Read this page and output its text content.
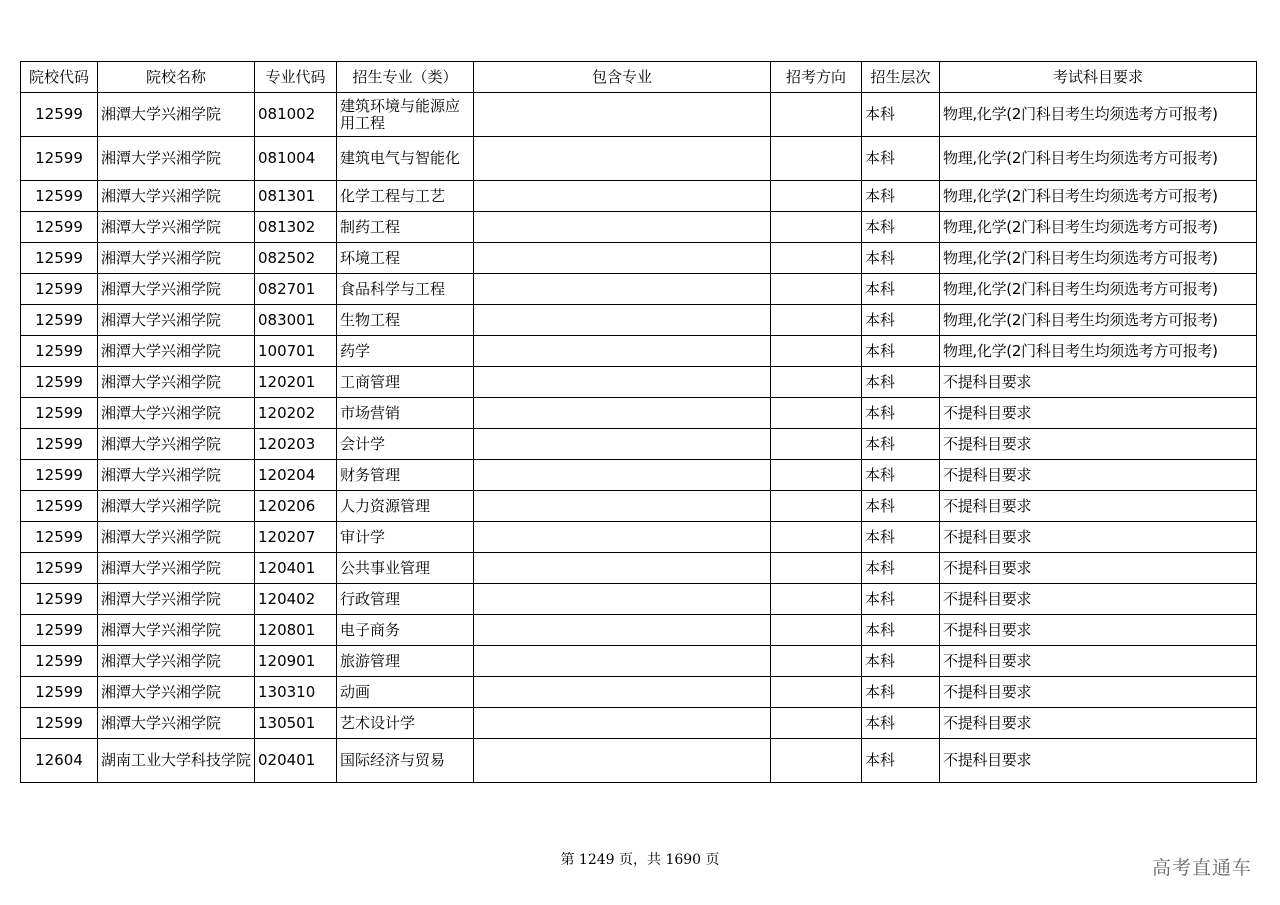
院校代码	院校名称	专业代码	招生专业（类）	包含专业	招考方向	招生层次	考试科目要求
12599	湘潭大学兴湘学院	081002	建筑环境与能源应用工程			本科	物理,化学(2门科目考生均须选考方可报考)
12599	湘潭大学兴湘学院	081004	建筑电气与智能化			本科	物理,化学(2门科目考生均须选考方可报考)
12599	湘潭大学兴湘学院	081301	化学工程与工艺			本科	物理,化学(2门科目考生均须选考方可报考)
12599	湘潭大学兴湘学院	081302	制药工程			本科	物理,化学(2门科目考生均须选考方可报考)
12599	湘潭大学兴湘学院	082502	环境工程			本科	物理,化学(2门科目考生均须选考方可报考)
12599	湘潭大学兴湘学院	082701	食品科学与工程			本科	物理,化学(2门科目考生均须选考方可报考)
12599	湘潭大学兴湘学院	083001	生物工程			本科	物理,化学(2门科目考生均须选考方可报考)
12599	湘潭大学兴湘学院	100701	药学			本科	物理,化学(2门科目考生均须选考方可报考)
12599	湘潭大学兴湘学院	120201	工商管理			本科	不提科目要求
12599	湘潭大学兴湘学院	120202	市场营销			本科	不提科目要求
12599	湘潭大学兴湘学院	120203	会计学			本科	不提科目要求
12599	湘潭大学兴湘学院	120204	财务管理			本科	不提科目要求
12599	湘潭大学兴湘学院	120206	人力资源管理			本科	不提科目要求
12599	湘潭大学兴湘学院	120207	审计学			本科	不提科目要求
12599	湘潭大学兴湘学院	120401	公共事业管理			本科	不提科目要求
12599	湘潭大学兴湘学院	120402	行政管理			本科	不提科目要求
12599	湘潭大学兴湘学院	120801	电子商务			本科	不提科目要求
12599	湘潭大学兴湘学院	120901	旅游管理			本科	不提科目要求
12599	湘潭大学兴湘学院	130310	动画			本科	不提科目要求
12599	湘潭大学兴湘学院	130501	艺术设计学			本科	不提科目要求
12604	湖南工业大学科技学院	020401	国际经济与贸易			本科	不提科目要求
第 1249 页，共 1690 页	高考直通车
